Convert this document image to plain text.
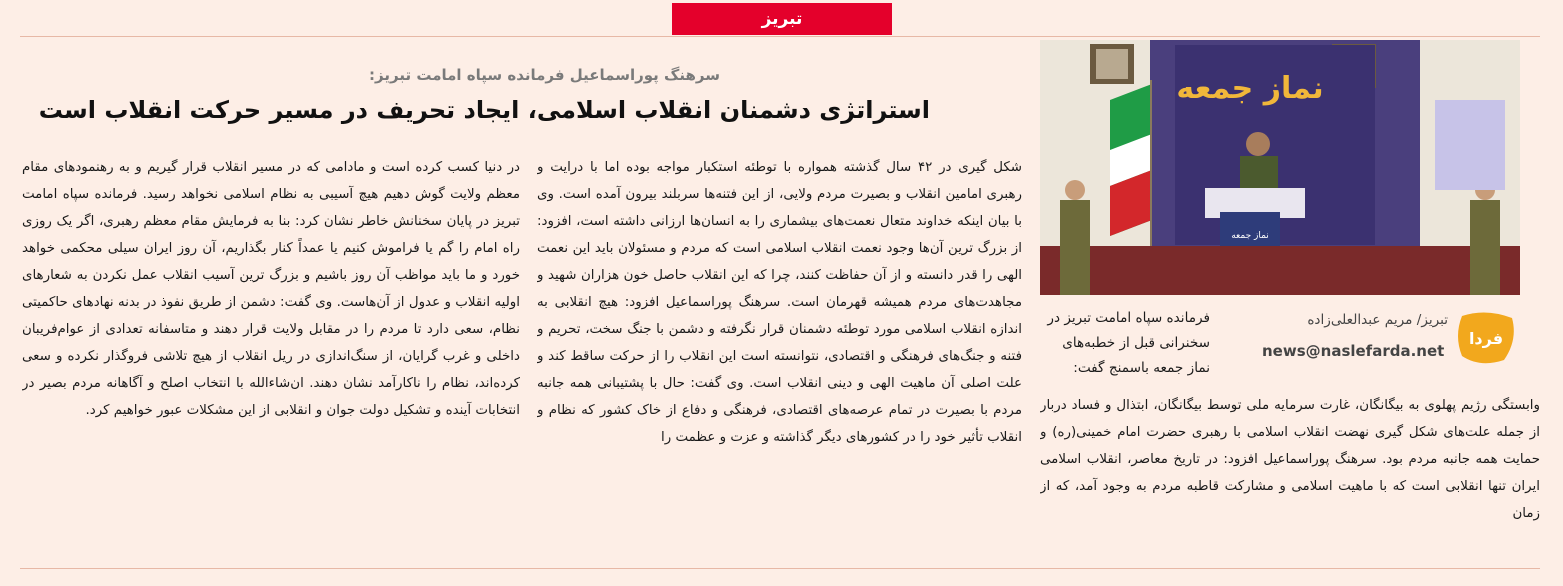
تبریز
سرهنگ پوراسماعیل فرمانده سپاه امامت تبریز:
استراتژی دشمنان انقلاب اسلامی، ایجاد تحریف در مسیر حرکت انقلاب است
نماز جمعه
نماز جمعه
فرمانده سپاه امامت تبریز در سخنرانی قبل از خطبه‌های نماز جمعه باسمنج گفت:
تبریز/ مریم عبدالعلی‌زاده
news@naslefarda.net
فردا

وابستگی رژیم پهلوی به بیگانگان، غارت سرمایه ملی توسط بیگانگان، ابتذال و فساد دربار از جمله علت‌های شکل گیری نهضت انقلاب اسلامی با رهبری حضرت امام خمینی(ره) و حمایت همه جانبه مردم بود. سرهنگ پوراسماعیل افزود: در تاریخ معاصر، انقلاب اسلامی ایران تنها انقلابی است که با ماهیت اسلامی و مشارکت قاطبه مردم به وجود آمد، که از زمان

شکل گیری در ۴۲ سال گذشته همواره با توطئه استکبار مواجه بوده اما با درایت و رهبری امامین انقلاب و بصیرت مردم ولایی، از این فتنه‌ها سربلند بیرون آمده است. وی با بیان اینکه خداوند متعال نعمت‌های بیشماری را به انسان‌ها ارزانی داشته است، افزود: از بزرگ ترین آن‌ها وجود نعمت انقلاب اسلامی است که مردم و مسئولان باید این نعمت الهی را قدر دانسته و از آن حفاظت کنند، چرا که این انقلاب حاصل خون هزاران شهید و مجاهدت‌های مردم همیشه قهرمان است. سرهنگ پوراسماعیل افزود: هیچ انقلابی به اندازه انقلاب اسلامی مورد توطئه دشمنان قرار نگرفته و دشمن با جنگ سخت، تحریم و فتنه و جنگ‌های فرهنگی و اقتصادی، نتوانسته است این انقلاب را از حرکت ساقط کند و علت اصلی آن ماهیت الهی و دینی انقلاب است. وی گفت: حال با پشتیبانی همه جانبه مردم با بصیرت در تمام عرصه‌های اقتصادی، فرهنگی و دفاع از خاک کشور که نظام و انقلاب تأثیر خود را در کشورهای دیگر گذاشته و عزت و عظمت را

در دنیا کسب کرده است و مادامی که در مسیر انقلاب قرار گیریم و به رهنمودهای مقام معظم ولایت گوش دهیم هیچ آسیبی به نظام اسلامی نخواهد رسید. فرمانده سپاه امامت تبریز در پایان سخنانش خاطر نشان کرد: بنا به فرمایش مقام معظم رهبری، اگر یک روزی راه امام را گم یا فراموش کنیم یا عمداً کنار بگذاریم، آن روز ایران سیلی محکمی خواهد خورد و ما باید مواظب آن روز باشیم و بزرگ ترین آسیب انقلاب عمل نکردن به شعارهای اولیه انقلاب و عدول از آن‌هاست. وی گفت: دشمن از طریق نفوذ در بدنه نهادهای حاکمیتی نظام، سعی دارد تا مردم را در مقابل ولایت قرار دهند و متاسفانه تعدادی از عوام‌فریبان داخلی و غرب گرایان، از سنگ‌اندازی در ریل انقلاب از هیچ تلاشی فروگذار نکرده و سعی کرده‌اند، نظام را ناکارآمد نشان دهند. ان‌شاءالله با انتخاب اصلح و آگاهانه مردم بصیر در انتخابات آینده و تشکیل دولت جوان و انقلابی از این مشکلات عبور خواهیم کرد.
